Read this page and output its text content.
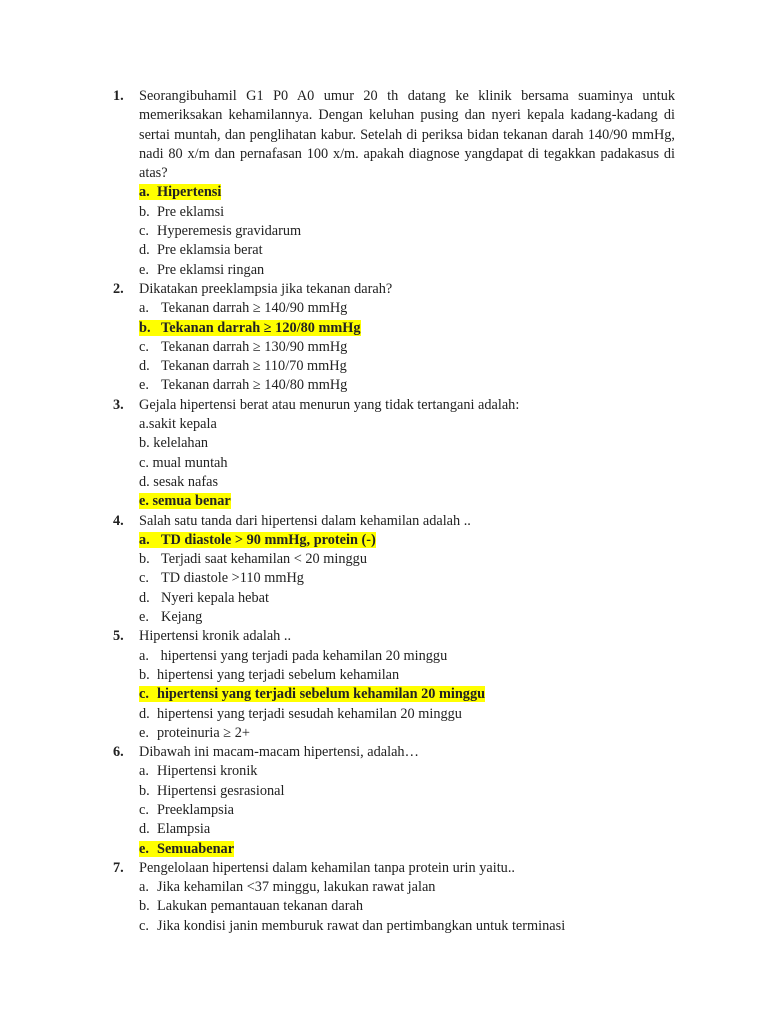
1. Seorangibuhamil G1 P0 A0 umur 20 th datang ke klinik bersama suaminya untuk memeriksakan kehamilannya. Dengan keluhan pusing dan nyeri kepala kadang-kadang di sertai muntah, dan penglihatan kabur. Setelah di periksa bidan tekanan darah 140/90 mmHg, nadi 80 x/m dan pernafasan 100 x/m. apakah diagnose yangdapat di tegakkan padakasus di atas?
a. Hipertensi
b. Pre eklamsi
c. Hyperemesis gravidarum
d. Pre eklamsia berat
e. Pre eklamsi ringan
2. Dikatakan preeklampsia jika tekanan darah?
a. Tekanan darrah ≥ 140/90 mmHg
b. Tekanan darrah ≥ 120/80 mmHg
c. Tekanan darrah ≥ 130/90 mmHg
d. Tekanan darrah ≥ 110/70 mmHg
e. Tekanan darrah ≥ 140/80 mmHg
3. Gejala hipertensi berat atau menurun yang tidak tertangani adalah:
a.sakit kepala
b. kelelahan
c. mual muntah
d. sesak nafas
e. semua benar
4. Salah satu tanda dari hipertensi dalam kehamilan adalah ..
a. TD diastole > 90 mmHg, protein (-)
b. Terjadi saat kehamilan < 20 minggu
c. TD diastole >110 mmHg
d. Nyeri kepala hebat
e. Kejang
5. Hipertensi kronik adalah ..
a. hipertensi yang terjadi pada kehamilan 20 minggu
b. hipertensi yang terjadi sebelum kehamilan
c. hipertensi yang terjadi sebelum kehamilan 20 minggu
d. hipertensi yang terjadi sesudah kehamilan 20 minggu
e. proteinuria ≥ 2+
6. Dibawah ini macam-macam hipertensi, adalah…
a. Hipertensi kronik
b. Hipertensi gesrasional
c. Preeklampsia
d. Elampsia
e. Semuabenar
7. Pengelolaan hipertensi dalam kehamilan tanpa protein urin yaitu..
a. Jika kehamilan <37 minggu, lakukan rawat jalan
b. Lakukan pemantauan tekanan darah
c. Jika kondisi janin memburuk rawat dan pertimbangkan untuk terminasi
